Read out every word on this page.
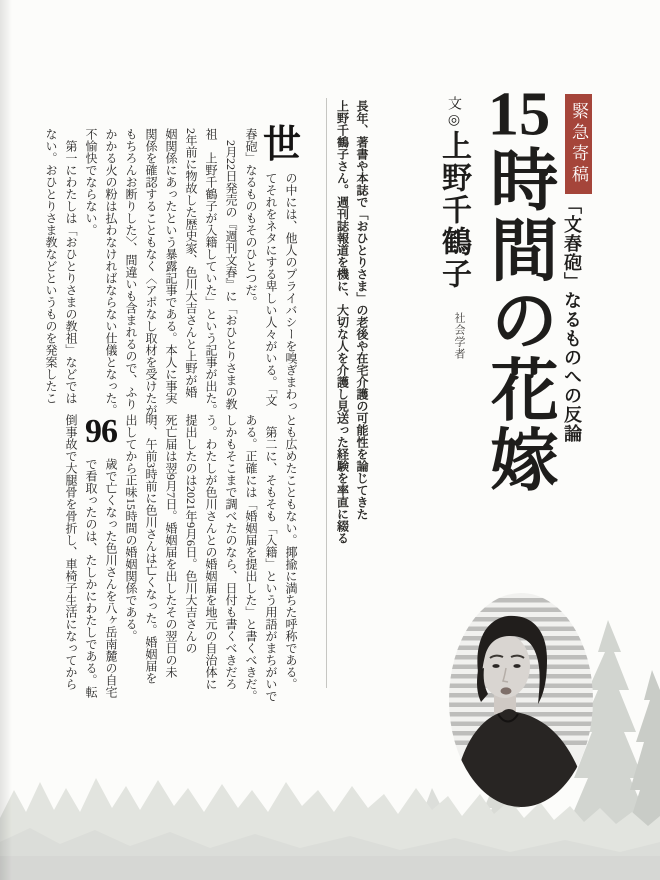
緊急寄稿
「文春砲」なるものへの反論
15時間の花嫁
文◎上野千鶴子
社会学者
長年、著書や本誌で「おひとりさま」の老後や在宅介護の可能性を論じてきた
上野千鶴子さん。週刊誌報道を機に、大切な人を介護し見送った経験を率直に綴る
世
の中には、他人のプライバシーを嗅ぎまわっ
てそれをネタにする卑しい人々がいる。「文
春砲」なるものもそのひとつだ。
　2月22日発売の『週刊文春』に「おひとりさまの教
祖　上野千鶴子が入籍していた」という記事が出た。
2年前に物故した歴史家、色川大吉さんと上野が婚
姻関係にあったという暴露記事である。本人に事実
関係を確認することもなく〈アポなし取材を受けたが、
もちろんお断りした〉、間違いも含まれるので、ふり
かかる火の粉は払わなければならない仕儀となった。
不愉快でならない。
　第一にわたしは「おひとりさまの教祖」などでは
ない。おひとりさま教などというものを発案したこ
96	とも広めたこともない。揶揄に満ちた呼称である。
　第二に、そもそも「入籍」という用語がまちがいで
ある。正確には「婚姻届を提出した」と書くべきだ。
しかもそこまで調べたのなら、日付も書くべきだろ
う。わたしが色川さんとの婚姻届を地元の自治体に
提出したのは2021年9月6日。色川大吉さんの
死亡届は翌9月7日。婚姻届を出したその翌日の未
明、午前3時前に色川さんは亡くなった。婚姻届を
出してから正味15時間の婚姻関係である。
歳で亡くなった色川さんを八ヶ岳南麓の自宅
で看取ったのは、たしかにわたしである。転
倒事故で大腿骨を骨折し、車椅子生活になってから
